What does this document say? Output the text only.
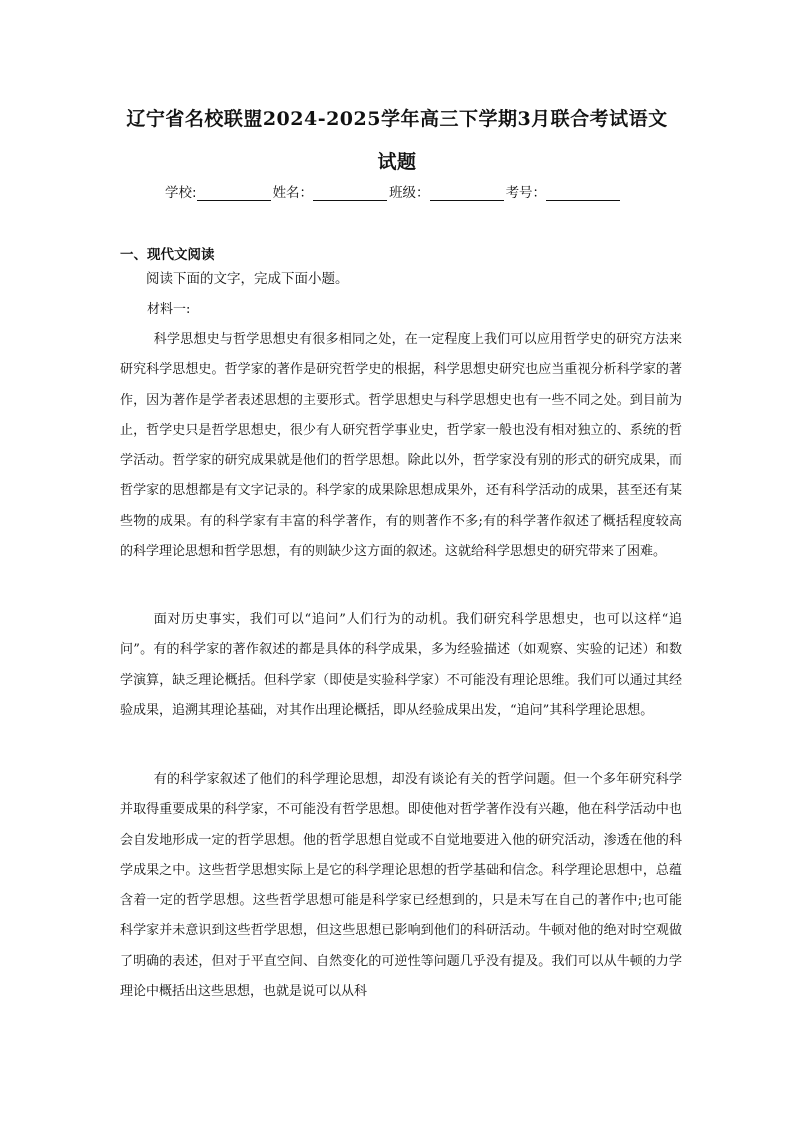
辽宁省名校联盟2024-2025学年高三下学期3月联合考试语文
试题
学校:	姓名：	班级：	考号：
一、现代文阅读
阅读下面的文字，完成下面小题。
材料一:

科学思想史与哲学思想史有很多相同之处，在一定程度上我们可以应用哲学史的研究方法来研究科学思想史。哲学家的著作是研究哲学史的根据，科学思想史研究也应当重视分析科学家的著作，因为著作是学者表述思想的主要形式。哲学思想史与科学思想史也有一些不同之处。到目前为止，哲学史只是哲学思想史，很少有人研究哲学事业史，哲学家一般也没有相对独立的、系统的哲学活动。哲学家的研究成果就是他们的哲学思想。除此以外，哲学家没有别的形式的研究成果，而哲学家的思想都是有文字记录的。科学家的成果除思想成果外，还有科学活动的成果，甚至还有某些物的成果。有的科学家有丰富的科学著作，有的则著作不多;有的科学著作叙述了概括程度较高的科学理论思想和哲学思想，有的则缺少这方面的叙述。这就给科学思想史的研究带来了困难。

面对历史事实，我们可以“追问”人们行为的动机。我们研究科学思想史，也可以这样“追问”。有的科学家的著作叙述的都是具体的科学成果，多为经验描述（如观察、实验的记述）和数学演算，缺乏理论概括。但科学家（即使是实验科学家）不可能没有理论思维。我们可以通过其经验成果，追溯其理论基础，对其作出理论概括，即从经验成果出发，“追问”其科学理论思想。

有的科学家叙述了他们的科学理论思想，却没有谈论有关的哲学问题。但一个多年研究科学并取得重要成果的科学家，不可能没有哲学思想。即使他对哲学著作没有兴趣，他在科学活动中也会自发地形成一定的哲学思想。他的哲学思想自觉或不自觉地要进入他的研究活动，渗透在他的科学成果之中。这些哲学思想实际上是它的科学理论思想的哲学基础和信念。科学理论思想中，总蕴含着一定的哲学思想。这些哲学思想可能是科学家已经想到的，只是未写在自己的著作中;也可能科学家并未意识到这些哲学思想，但这些思想已影响到他们的科研活动。牛顿对他的绝对时空观做了明确的表述，但对于平直空间、自然变化的可逆性等问题几乎没有提及。我们可以从牛顿的力学理论中概括出这些思想，也就是说可以从科
